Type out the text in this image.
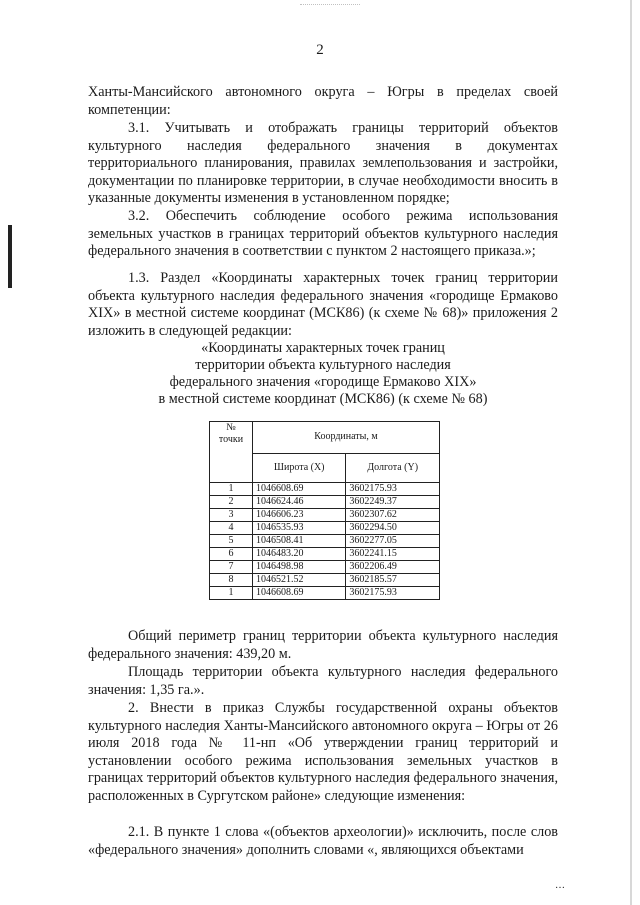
2
Ханты-Мансийского автономного округа – Югры в пределах своей компетенции:
3.1. Учитывать и отображать границы территорий объектов культурного наследия федерального значения в документах территориального планирования, правилах землепользования и застройки, документации по планировке территории, в случае необходимости вносить в указанные документы изменения в установленном порядке;
3.2. Обеспечить соблюдение особого режима использования земельных участков в границах территорий объектов культурного наследия федерального значения в соответствии с пунктом 2 настоящего приказа.»;
1.3. Раздел «Координаты характерных точек границ территории объекта культурного наследия федерального значения «городище Ермаково XIX» в местной системе координат (МСК86) (к схеме № 68)» приложения 2 изложить в следующей редакции:
«Координаты характерных точек границ
территории объекта культурного наследия
федерального значения «городище Ермаково XIX»
в местной системе координат (МСК86) (к схеме № 68)
№ точки	Координаты, м	
	Широта (X)	Долгота (Y)
1	1046608.69	3602175.93
2	1046624.46	3602249.37
3	1046606.23	3602307.62
4	1046535.93	3602294.50
5	1046508.41	3602277.05
6	1046483.20	3602241.15
7	1046498.98	3602206.49
8	1046521.52	3602185.57
1	1046608.69	3602175.93
Общий периметр границ территории объекта культурного наследия федерального значения: 439,20 м.
Площадь территории объекта культурного наследия федерального значения: 1,35 га.».
2. Внести в приказ Службы государственной охраны объектов культурного наследия Ханты-Мансийского автономного округа – Югры от 26 июля 2018 года № 11-нп «Об утверждении границ территорий и установлении особого режима использования земельных участков в границах территорий объектов культурного наследия федерального значения, расположенных в Сургутском районе» следующие изменения:
2.1. В пункте 1 слова «(объектов археологии)» исключить, после слов «федерального значения» дополнить словами «, являющихся объектами
…
